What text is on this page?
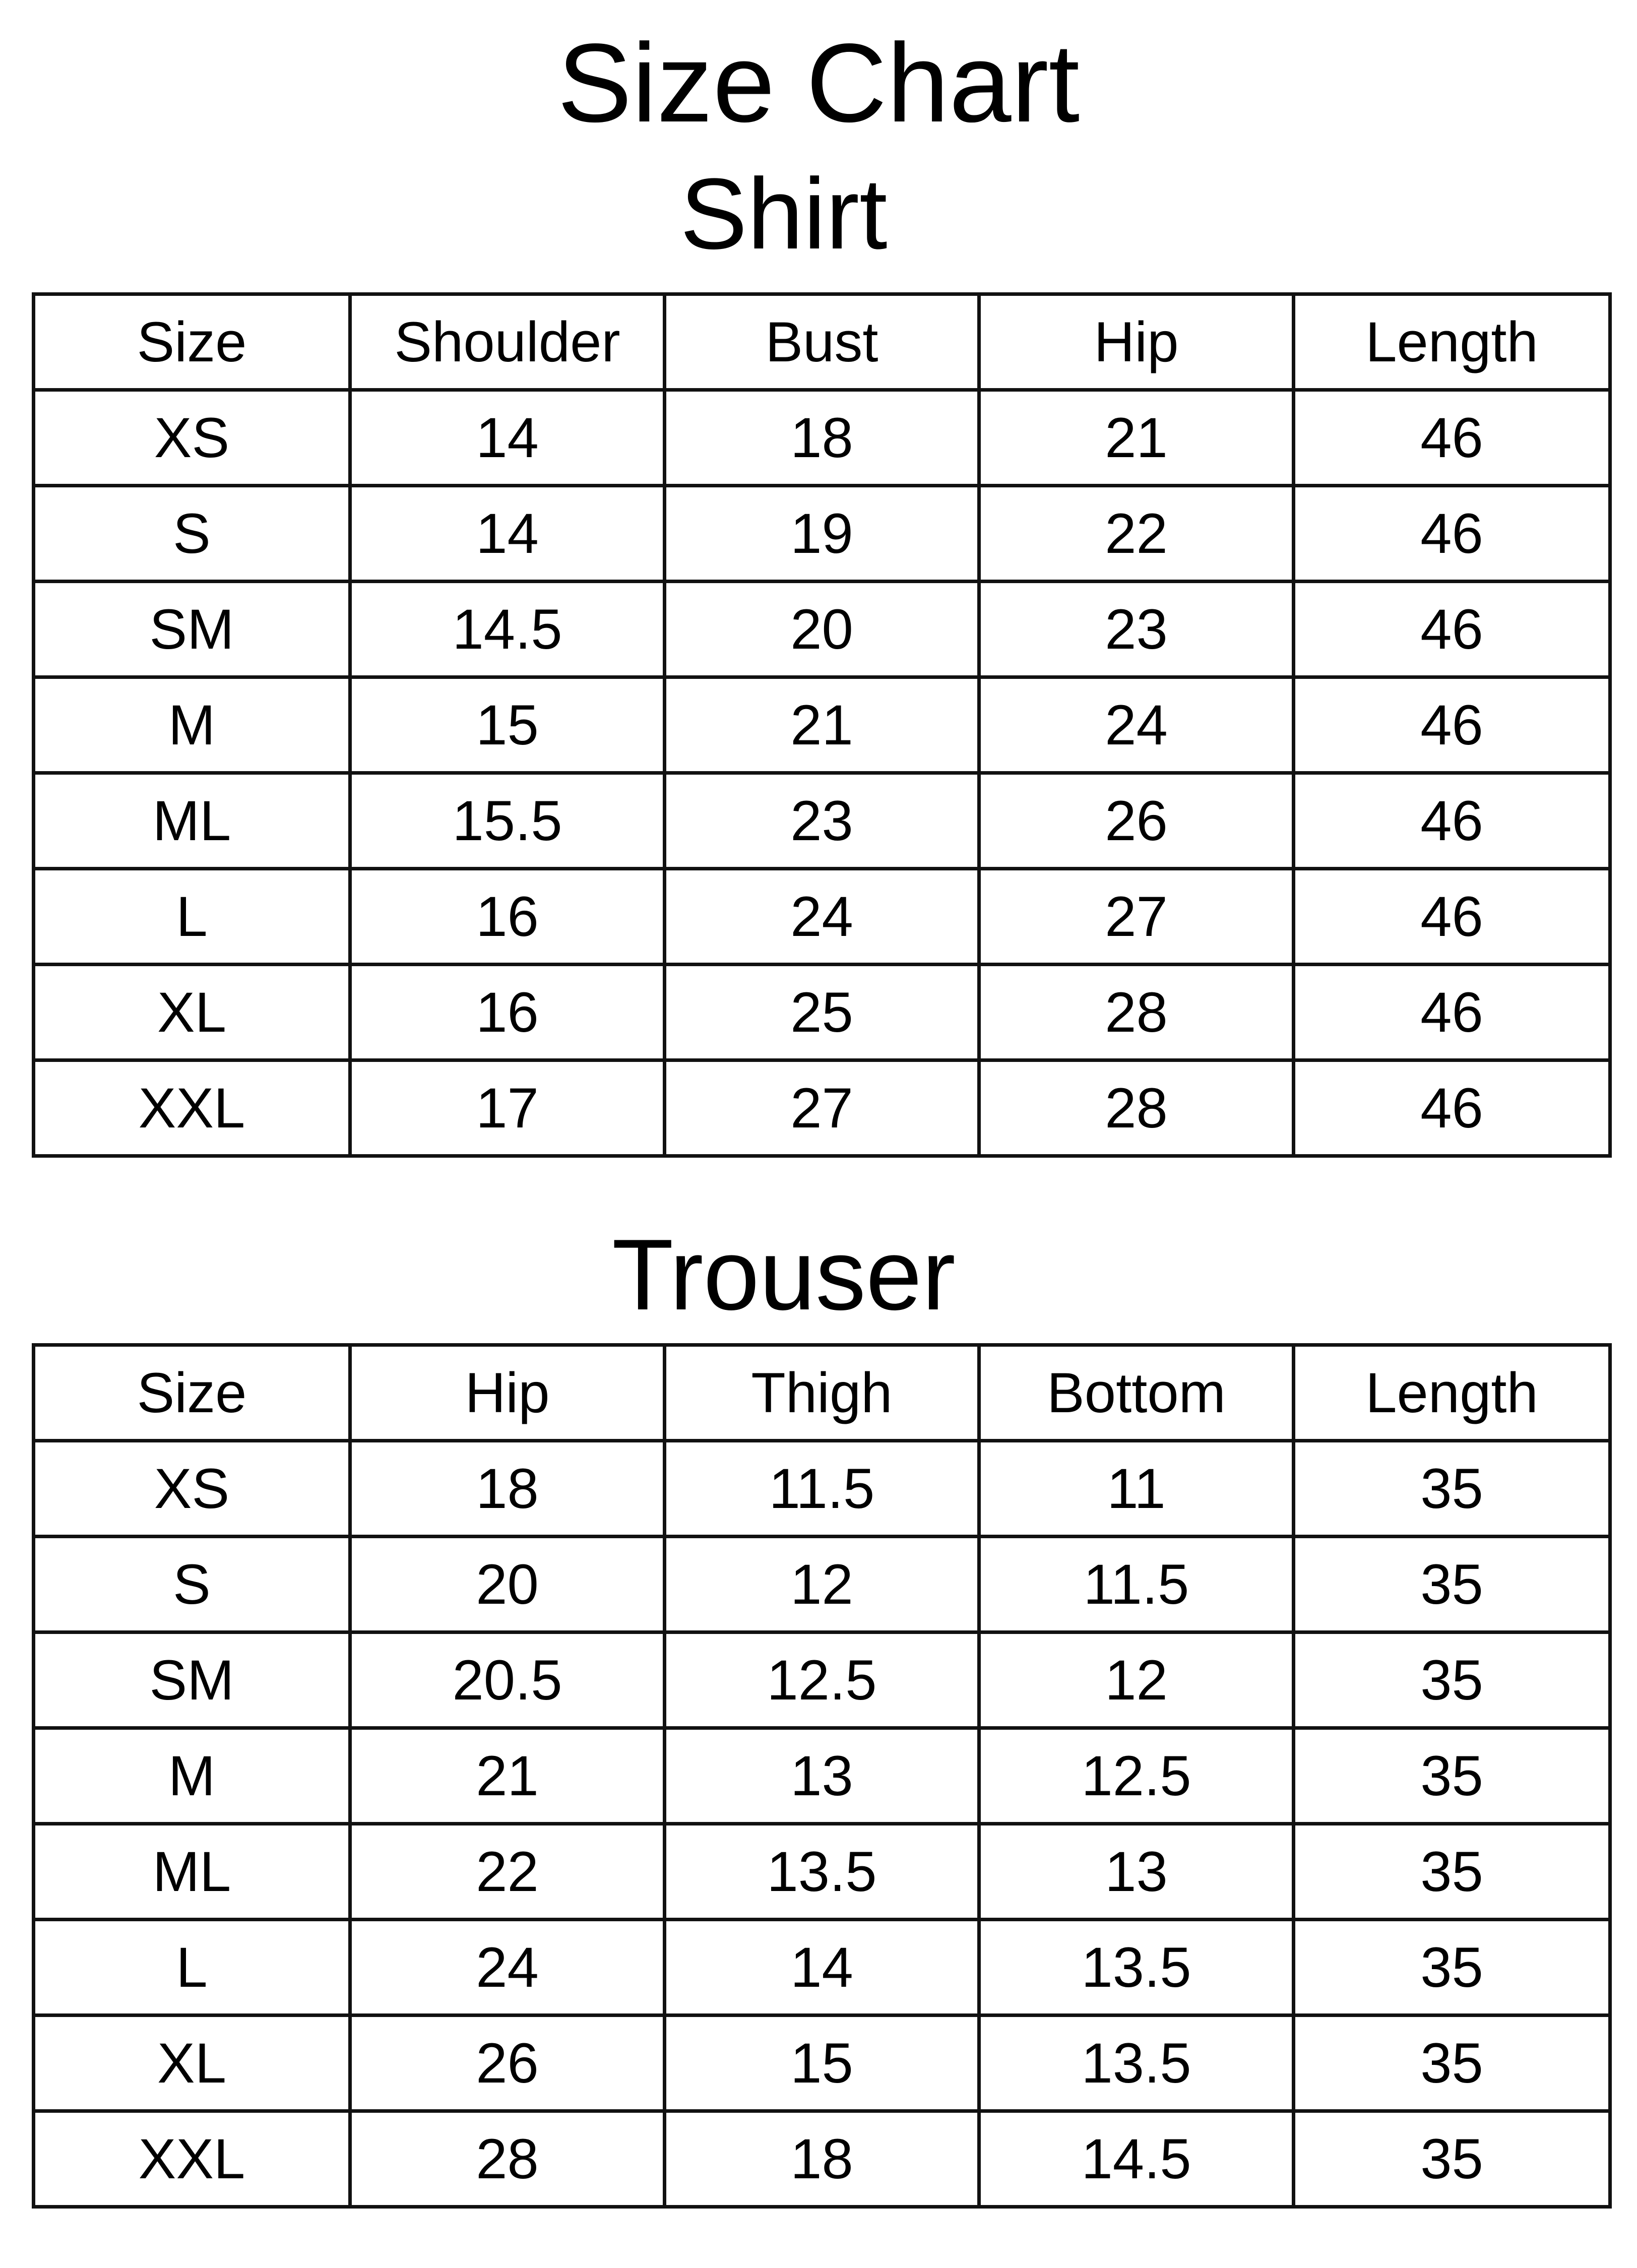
Size Chart
Shirt
Size	Shoulder	Bust	Hip	Length
XS	14	18	21	46
S	14	19	22	46
SM	14.5	20	23	46
M	15	21	24	46
ML	15.5	23	26	46
L	16	24	27	46
XL	16	25	28	46
XXL	17	27	28	46
Trouser
Size	Hip	Thigh	Bottom	Length
XS	18	11.5	11	35
S	20	12	11.5	35
SM	20.5	12.5	12	35
M	21	13	12.5	35
ML	22	13.5	13	35
L	24	14	13.5	35
XL	26	15	13.5	35
XXL	28	18	14.5	35
